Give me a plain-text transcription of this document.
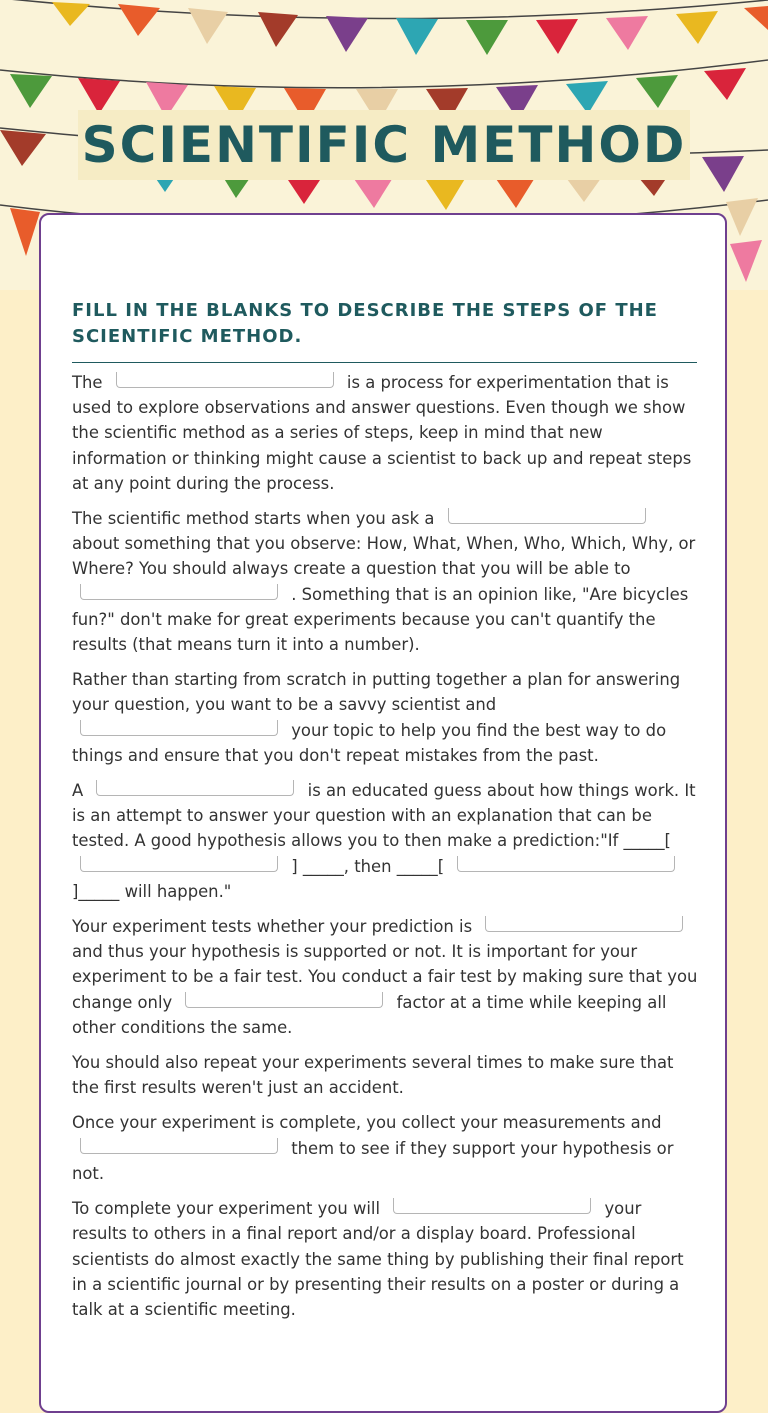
SCIENTIFIC METHOD
FILL IN THE BLANKS TO DESCRIBE THE STEPS OF THE SCIENTIFIC METHOD.

The	is a process for experimentation that is used to explore observations and answer questions. Even though we show the scientific method as a series of steps, keep in mind that new information or thinking might cause a scientist to back up and repeat steps at any point during the process.

The scientific method starts when you ask a  about something that you observe: How, What, When, Who, Which, Why, or Where? You should always create a question that you will be able to  . Something that is an opinion like, "Are bicycles fun?" don't make for great experiments because you can't quantify the results (that means turn it into a number).

Rather than starting from scratch in putting together a plan for answering your question, you want to be a savvy scientist and  your topic to help you find the best way to do things and ensure that you don't repeat mistakes from the past.

A	is an educated guess about how things work. It is an attempt to answer your question with an explanation that can be tested. A good hypothesis allows you to then make a prediction:"If _____[  ] _____, then _____[  ]_____ will happen."

Your experiment tests whether your prediction is  and thus your hypothesis is supported or not. It is important for your experiment to be a fair test. You conduct a fair test by making sure that you change only	factor at a time while keeping all other conditions the same.

You should also repeat your experiments several times to make sure that the first results weren't just an accident.

Once your experiment is complete, you collect your measurements and  them to see if they support your hypothesis or not.

To complete your experiment you will	your results to others in a final report and/or a display board. Professional scientists do almost exactly the same thing by publishing their final report in a scientific journal or by presenting their results on a poster or during a talk at a scientific meeting.
